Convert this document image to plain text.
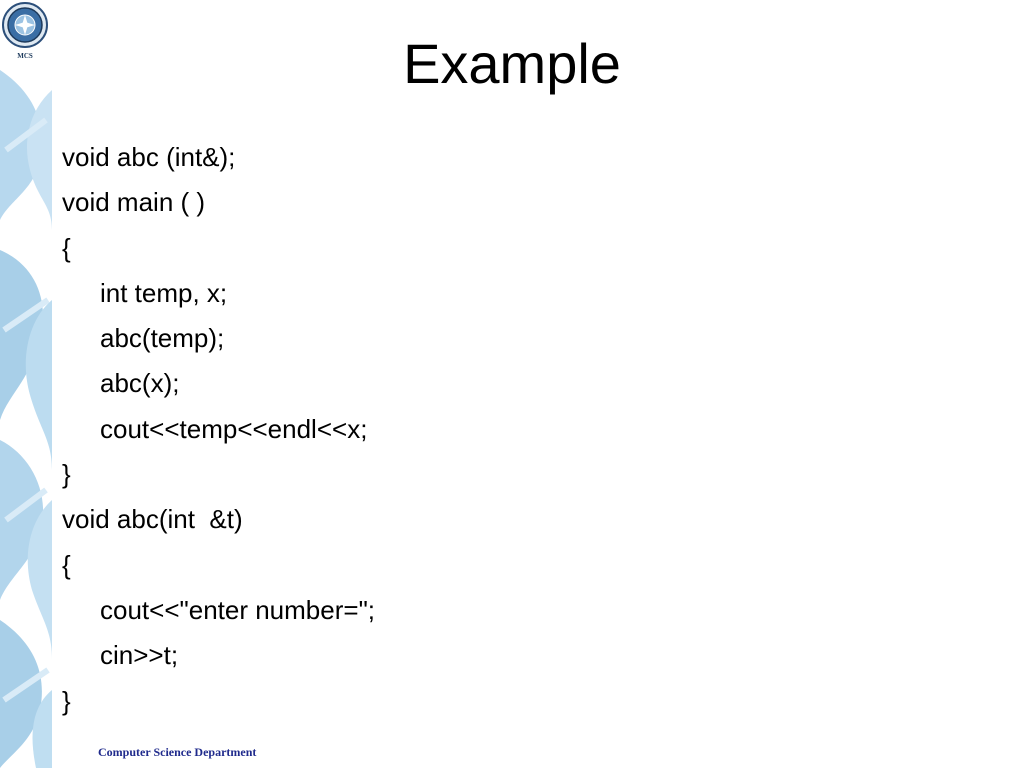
MCS	Example
void abc (int&);
void main ( )
{
int temp, x;
abc(temp);
abc(x);
cout<<temp<<endl<<x;
}
void abc(int  &t)
{
cout<<"enter number=";
cin>>t;
}
Computer Science Department
